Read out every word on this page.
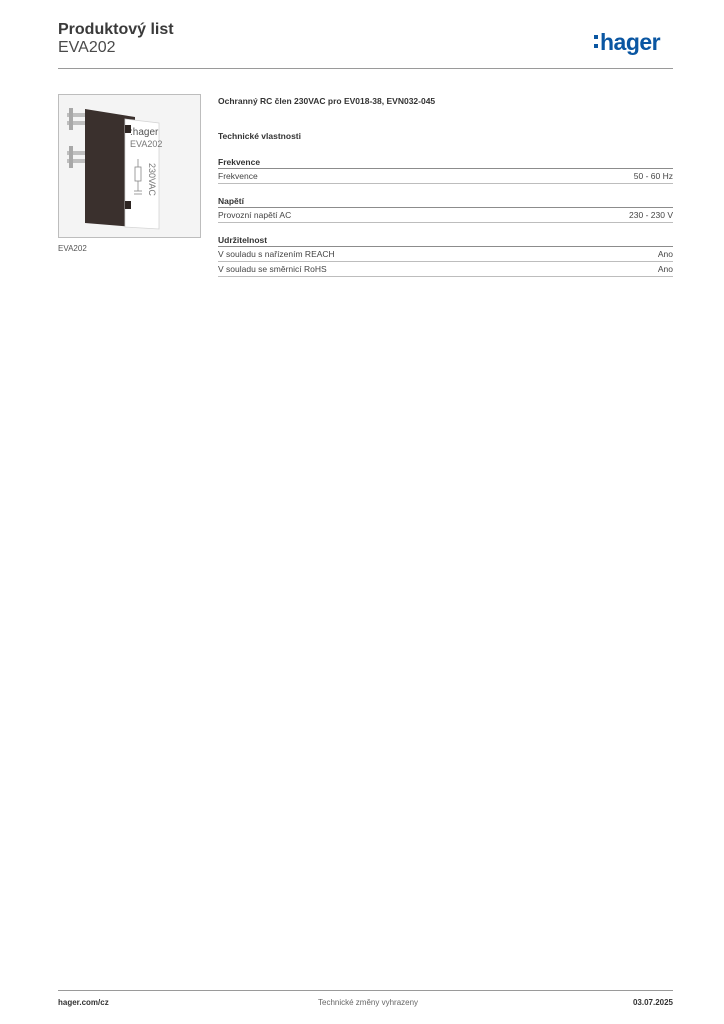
Produktový list
EVA202	hager
:hager
EVA202
230VAC
EVA202
Ochranný RC člen 230VAC pro EV018-38, EVN032-045
Technické vlastnosti
Frekvence
Frekvence	50 - 60 Hz
Napětí
Provozní napětí AC	230 - 230 V
Udržitelnost
V souladu s nařízením REACH	Ano
V souladu se směrnicí RoHS	Ano
hager.com/cz	Technické změny vyhrazeny	03.07.2025
